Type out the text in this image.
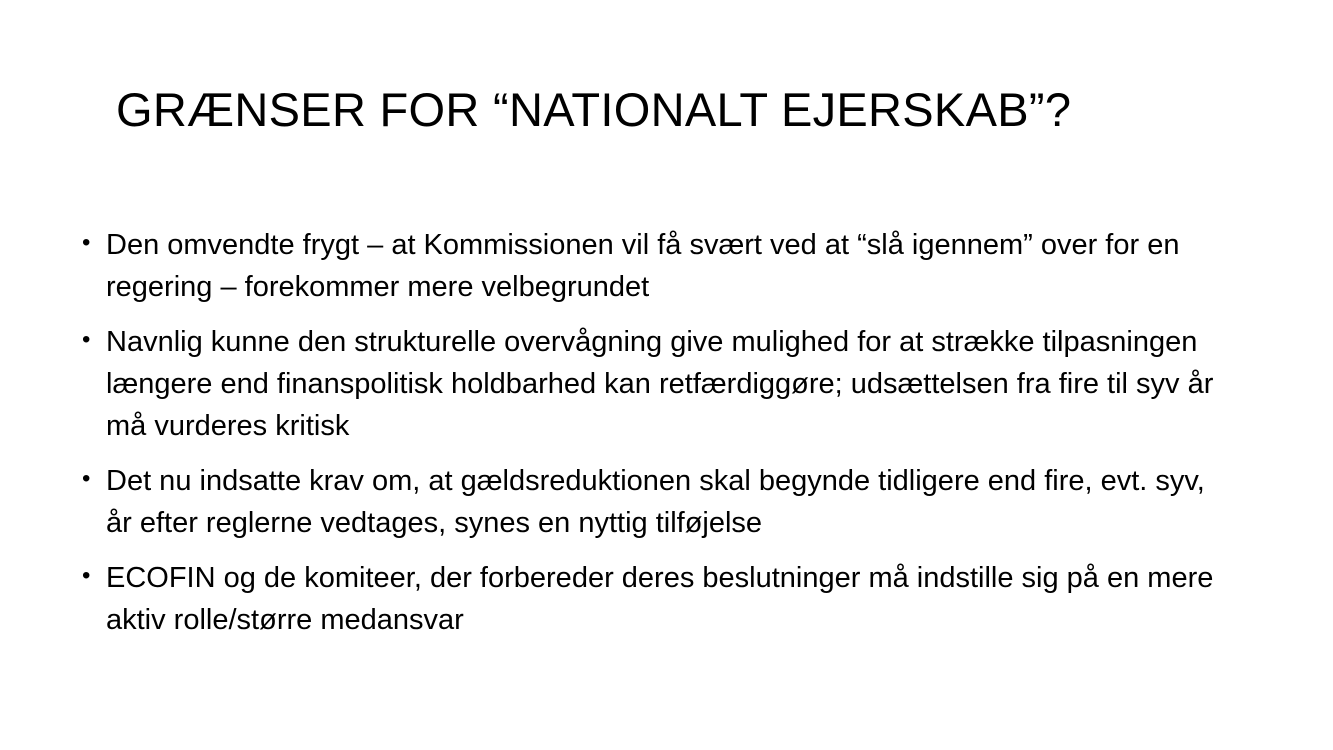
GRÆNSER FOR “NATIONALT EJERSKAB”?
• Den omvendte frygt – at Kommissionen vil få svært ved at “slå igennem” over for en regering – forekommer mere velbegrundet
• Navnlig kunne den strukturelle overvågning give mulighed for at strække tilpasningen længere end finanspolitisk holdbarhed kan retfærdiggøre; udsættelsen fra fire til syv år må vurderes kritisk
• Det nu indsatte krav om, at gældsreduktionen skal begynde tidligere end fire, evt. syv, år efter reglerne vedtages, synes en nyttig tilføjelse
• ECOFIN og de komiteer, der forbereder deres beslutninger må indstille sig på en mere aktiv rolle/større medansvar
